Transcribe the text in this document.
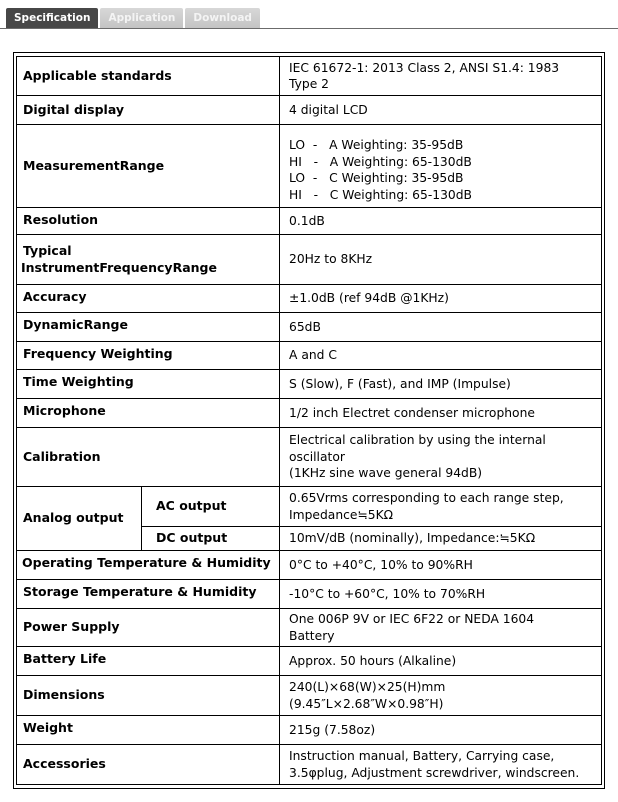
Specification	Application	Download
Applicable standards		IEC 61672-1: 2013 Class 2, ANSI S1.4: 1983
Type 2

Digital display		4 digital LCD

MeasurementRange		LO  -   A Weighting: 35-95dB
HI   -   A Weighting: 65-130dB
LO  -   C Weighting: 35-95dB
HI   -   C Weighting: 65-130dB

Resolution		0.1dB

Typical
InstrumentFrequencyRange		20Hz to 8KHz

Accuracy		±1.0dB (ref 94dB @1KHz)

DynamicRange		65dB

Frequency Weighting		A and C

Time Weighting		S (Slow), F (Fast), and IMP (Impulse)

Microphone		1/2 inch Electret condenser microphone

Calibration		Electrical calibration by using the internal
oscillator
(1KHz sine wave general 94dB)

Analog output	AC output	0.65Vrms corresponding to each range step,
Impedance≒5KΩ

	DC output	10mV/dB (nominally), Impedance:≒5KΩ

Operating Temperature & Humidity		0°C to +40°C, 10% to 90%RH

Storage Temperature & Humidity		-10°C to +60°C, 10% to 70%RH

Power Supply		One 006P 9V or IEC 6F22 or NEDA 1604
Battery

Battery Life		Approx. 50 hours (Alkaline)

Dimensions		240(L)×68(W)×25(H)mm
(9.45″L×2.68″W×0.98″H)

Weight		215g (7.58oz)

Accessories		Instruction manual, Battery, Carrying case,
3.5φplug, Adjustment screwdriver, windscreen.
